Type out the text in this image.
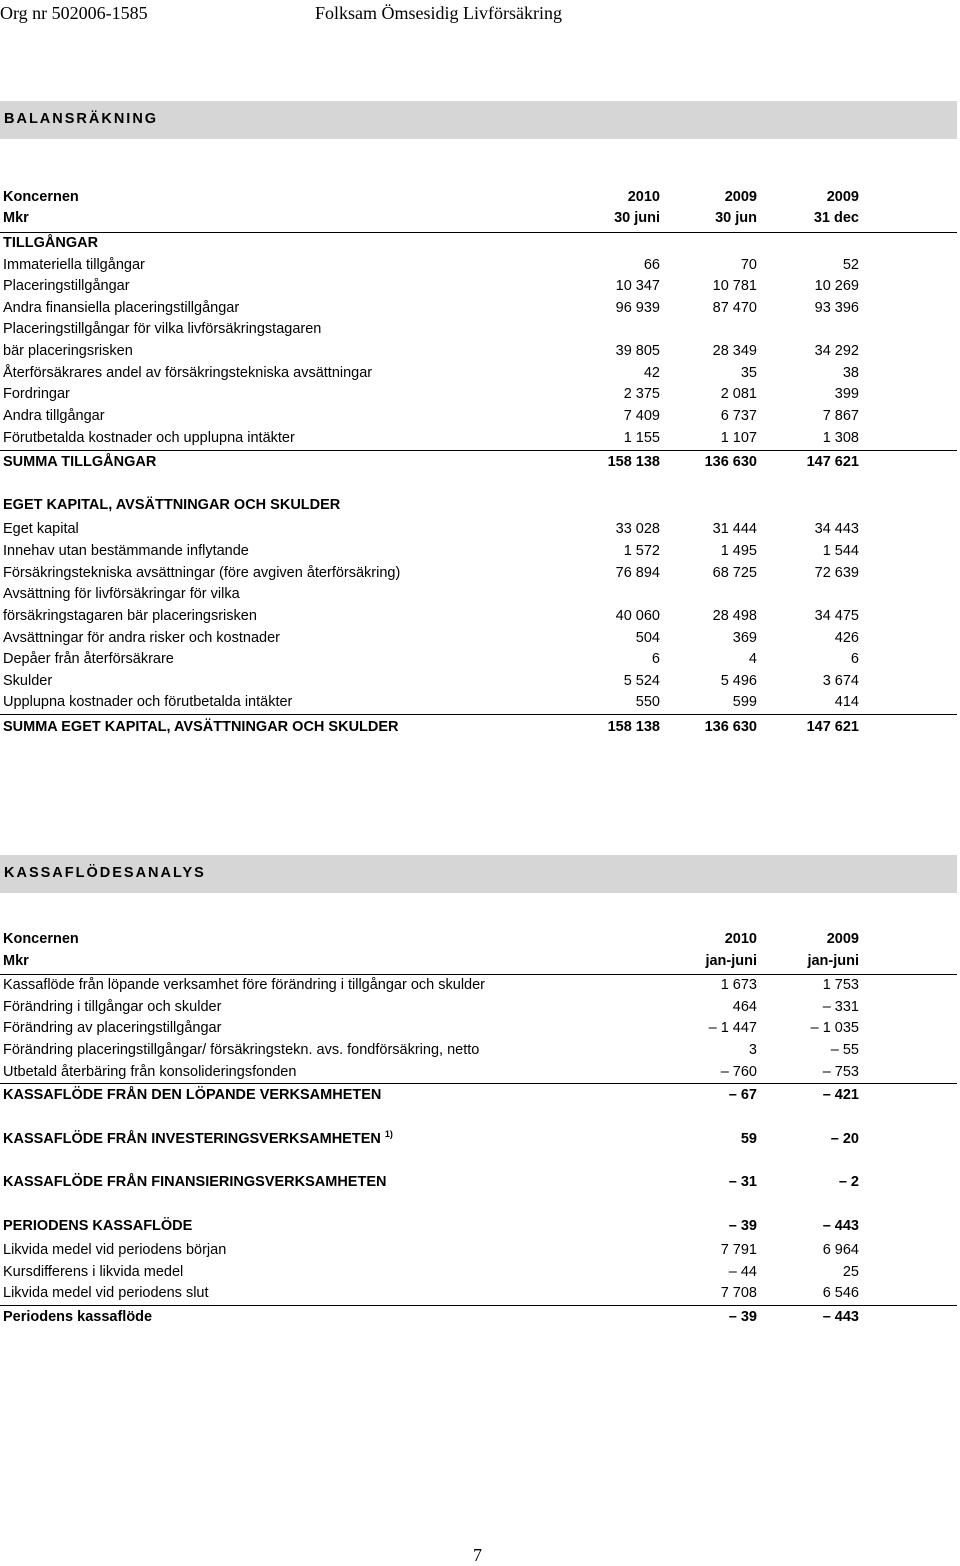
Org nr 502006-1585	Folksam Ömsesidig Livförsäkring
BALANSRÄKNING
Koncernen	2010	2009	2009
Mkr	30 juni	30 jun	31 dec
TILLGÅNGAR
Immateriella tillgångar	66	70	52
Placeringstillgångar	10 347	10 781	10 269
Andra finansiella placeringstillgångar	96 939	87 470	93 396
Placeringstillgångar för vilka livförsäkringstagaren
bär placeringsrisken	39 805	28 349	34 292
Återförsäkrares andel av försäkringstekniska avsättningar	42	35	38
Fordringar	2 375	2 081	399
Andra tillgångar	7 409	6 737	7 867
Förutbetalda kostnader och upplupna intäkter	1 155	1 107	1 308
SUMMA TILLGÅNGAR	158 138	136 630	147 621
EGET KAPITAL, AVSÄTTNINGAR OCH SKULDER
Eget kapital	33 028	31 444	34 443
Innehav utan bestämmande inflytande	1 572	1 495	1 544
Försäkringstekniska avsättningar (före avgiven återförsäkring)	76 894	68 725	72 639
Avsättning för livförsäkringar för vilka
försäkringstagaren bär placeringsrisken	40 060	28 498	34 475
Avsättningar för andra risker och kostnader	504	369	426
Depåer från återförsäkrare	6	4	6
Skulder	5 524	5 496	3 674
Upplupna kostnader och förutbetalda intäkter	550	599	414
SUMMA EGET KAPITAL, AVSÄTTNINGAR OCH SKULDER	158 138	136 630	147 621
KASSAFLÖDESANALYS
Koncernen	2010	2009
Mkr	jan-juni	jan-juni
Kassaflöde från löpande verksamhet före förändring i tillgångar och skulder	1 673	1 753
Förändring i tillgångar och skulder	464	– 331
Förändring av placeringstillgångar	– 1 447	– 1 035
Förändring placeringstillgångar/ försäkringstekn. avs. fondförsäkring, netto	3	– 55
Utbetald återbäring från konsolideringsfonden	– 760	– 753
KASSAFLÖDE FRÅN DEN LÖPANDE VERKSAMHETEN	– 67	– 421
KASSAFLÖDE FRÅN INVESTERINGSVERKSAMHETEN $^{1)}$	59	– 20
KASSAFLÖDE FRÅN FINANSIERINGSVERKSAMHETEN	– 31	– 2
PERIODENS KASSAFLÖDE	– 39	– 443
Likvida medel vid periodens början	7 791	6 964
Kursdifferens i likvida medel	– 44	25
Likvida medel vid periodens slut	7 708	6 546
Periodens kassaflöde	– 39	– 443
7
